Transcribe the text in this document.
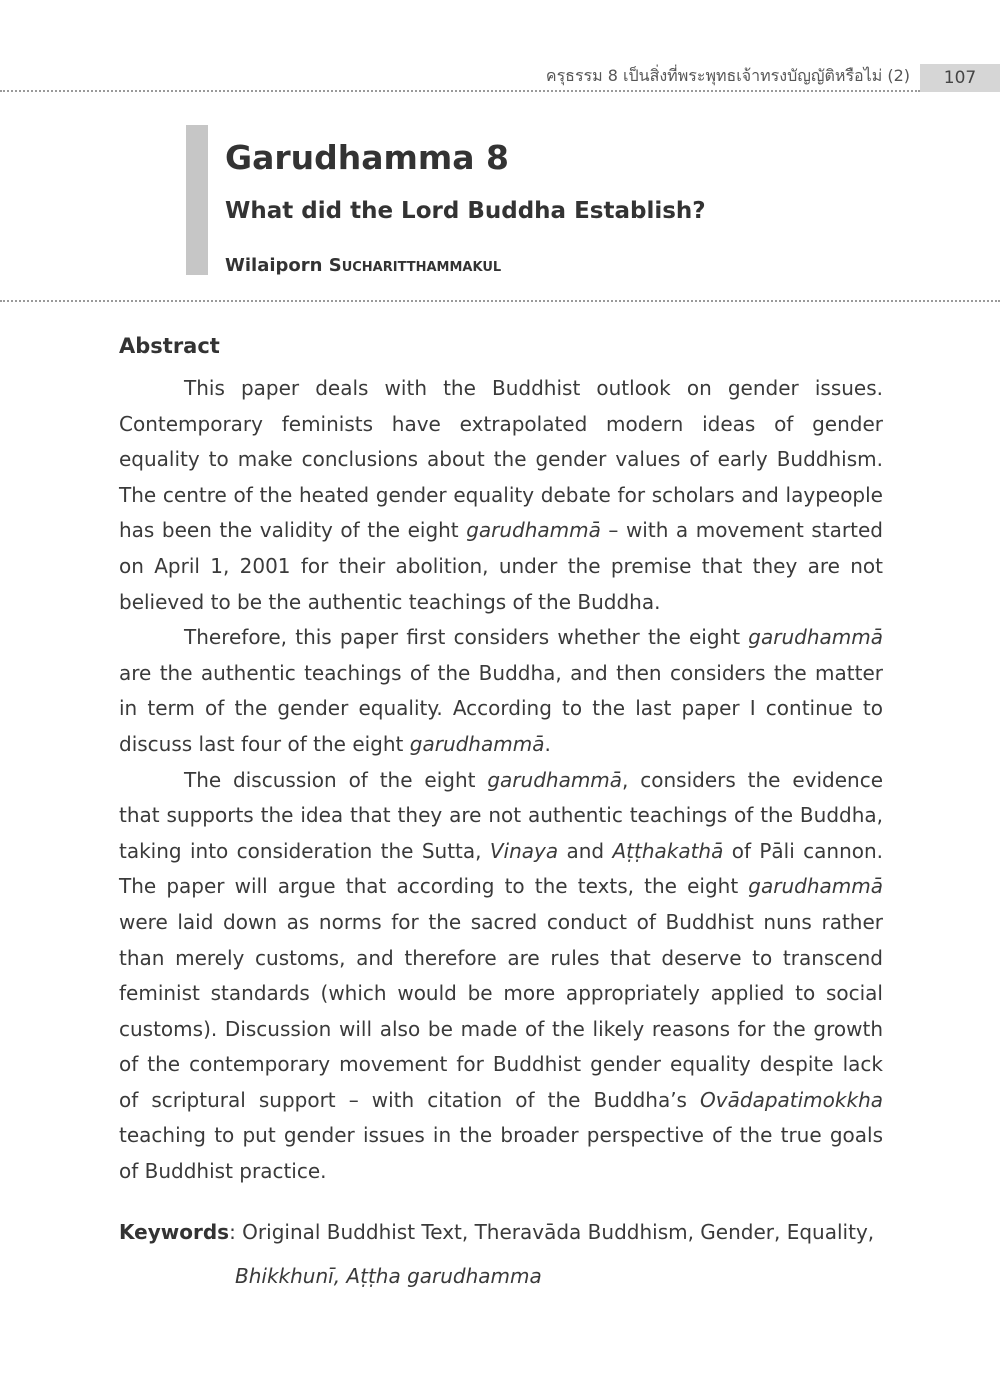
ครุธรรม 8 เป็นสิ่งที่พระพุทธเจ้าทรงบัญญัติหรือไม่ (2)	107
Garudhamma 8
What did the Lord Buddha Establish?
Wilaiporn Sucharitthammakul
Abstract

This paper deals with the Buddhist outlook on gender issues. Contemporary feminists have extrapolated modern ideas of gender equality to make conclusions about the gender values of early Buddhism. The centre of the heated gender equality debate for scholars and laypeople has been the validity of the eight garudhammā – with a movement started on April 1, 2001 for their abolition, under the premise that they are not believed to be the authentic teachings of the Buddha.

Therefore, this paper first considers whether the eight garudhammā are the authentic teachings of the Buddha, and then considers the matter in term of the gender equality. According to the last paper I continue to discuss last four of the eight garudhammā.

The discussion of the eight garudhammā, considers the evidence that supports the idea that they are not authentic teachings of the Buddha, taking into consideration the Sutta, Vinaya and Aṭṭhakathā of Pāli cannon. The paper will argue that according to the texts, the eight garudhammā were laid down as norms for the sacred conduct of Buddhist nuns rather than merely customs, and therefore are rules that deserve to transcend feminist standards (which would be more appropriately applied to social customs). Discussion will also be made of the likely reasons for the growth of the contemporary movement for Buddhist gender equality despite lack of scriptural support – with citation of the Buddha’s Ovādapatimokkha teaching to put gender issues in the broader perspective of the true goals of Buddhist practice.

Keywords: Original Buddhist Text, Theravāda Buddhism, Gender, Equality,
Bhikkhunī, Aṭṭha garudhamma
